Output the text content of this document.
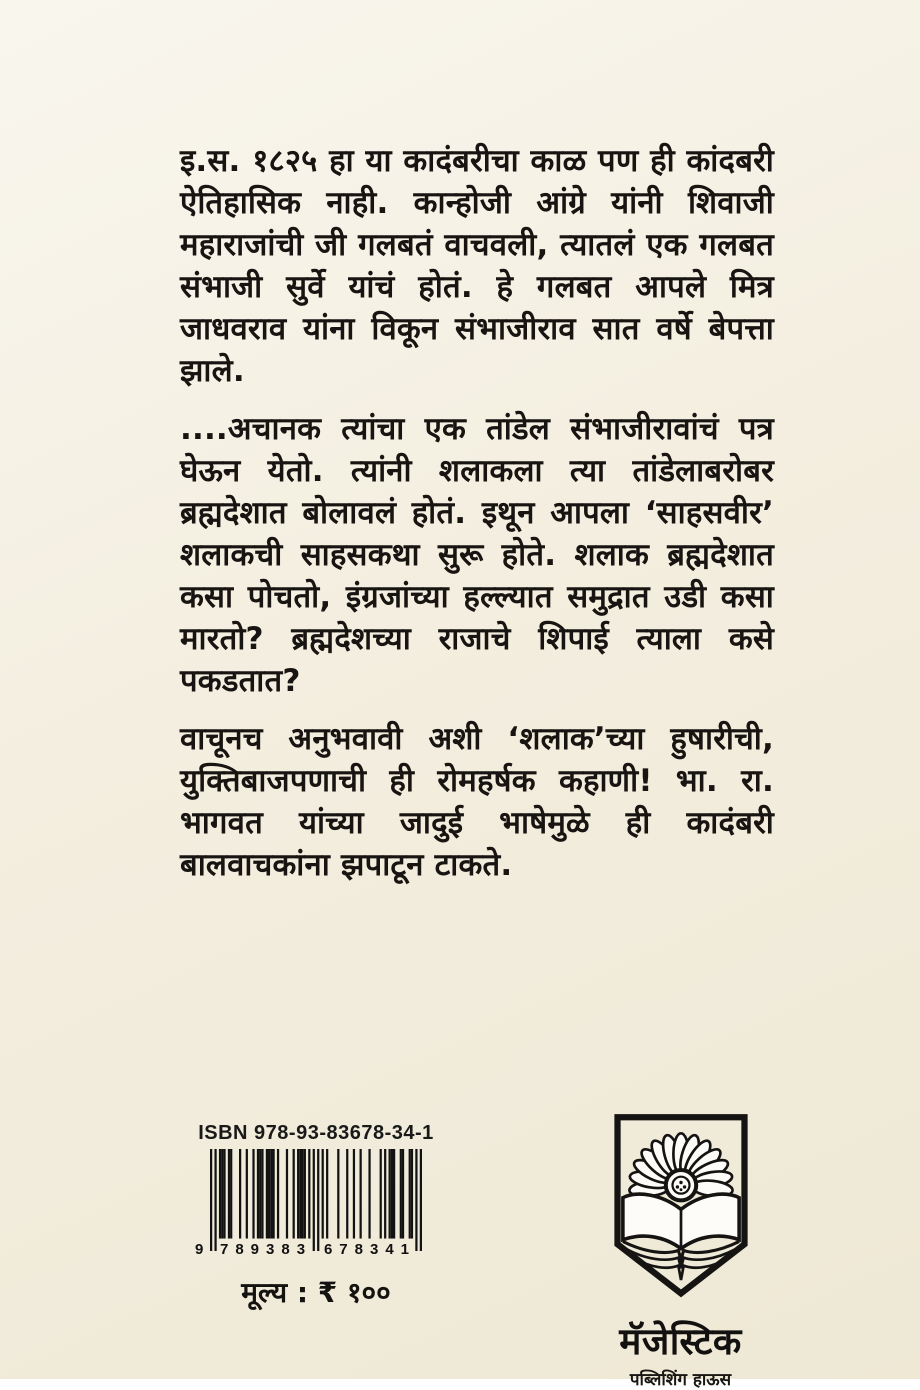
इ.स. १८२५ हा या कादंबरीचा काळ पण ही कांदबरी ऐतिहासिक नाही. कान्होजी आंग्रे यांनी शिवाजी महाराजांची जी गलबतं वाचवली, त्यातलं एक गलबत संभाजी सुर्वे यांचं होतं. हे गलबत आपले मित्र जाधवराव यांना विकून संभाजीराव सात वर्षे बेपत्ता झाले.

....अचानक त्यांचा एक तांडेल संभाजीरावांचं पत्र घेऊन येतो. त्यांनी शलाकला त्या तांडेलाबरोबर ब्रह्मदेशात बोलावलं होतं. इथून आपला ‘साहसवीर’ शलाकची साहसकथा सुरू होते. शलाक ब्रह्मदेशात कसा पोचतो, इंग्रजांच्या हल्ल्यात समुद्रात उडी कसा मारतो? ब्रह्मदेशच्या राजाचे शिपाई त्याला कसे पकडतात?

वाचूनच अनुभवावी अशी ‘शलाक’च्या हुषारीची, युक्तिबाजपणाची ही रोमहर्षक कहाणी! भा. रा. भागवत यांच्या जादुई भाषेमुळे ही कादंबरी बालवाचकांना झपाटून टाकते.

ISBN 978-93-83678-34-1
9 789383 678341
मूल्य : ₹ १००
मॅजेस्टिक
पब्लिशिंग हाऊस
